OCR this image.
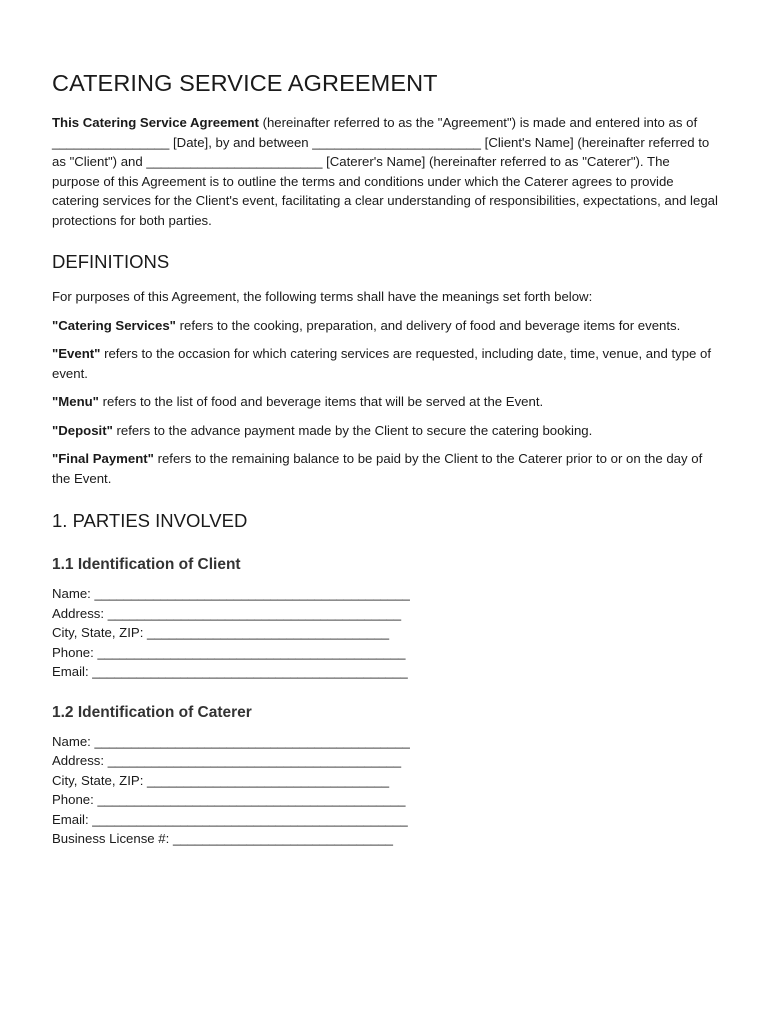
CATERING SERVICE AGREEMENT

This Catering Service Agreement (hereinafter referred to as the "Agreement") is made and entered into as of ________________ [Date], by and between _______________________ [Client's Name] (hereinafter referred to as "Client") and ________________________ [Caterer's Name] (hereinafter referred to as "Caterer"). The purpose of this Agreement is to outline the terms and conditions under which the Caterer agrees to provide catering services for the Client's event, facilitating a clear understanding of responsibilities, expectations, and legal protections for both parties.

DEFINITIONS

For purposes of this Agreement, the following terms shall have the meanings set forth below:

"Catering Services" refers to the cooking, preparation, and delivery of food and beverage items for events.

"Event" refers to the occasion for which catering services are requested, including date, time, venue, and type of event.

"Menu" refers to the list of food and beverage items that will be served at the Event.

"Deposit" refers to the advance payment made by the Client to secure the catering booking.

"Final Payment" refers to the remaining balance to be paid by the Client to the Caterer prior to or on the day of the Event.

1. PARTIES INVOLVED
1.1 Identification of Client
Name: ___________________________________________
Address: ________________________________________
City, State, ZIP: _________________________________
Phone: __________________________________________
Email: ___________________________________________
1.2 Identification of Caterer
Name: ___________________________________________
Address: ________________________________________
City, State, ZIP: _________________________________
Phone: __________________________________________
Email: ___________________________________________
Business License #: ______________________________
